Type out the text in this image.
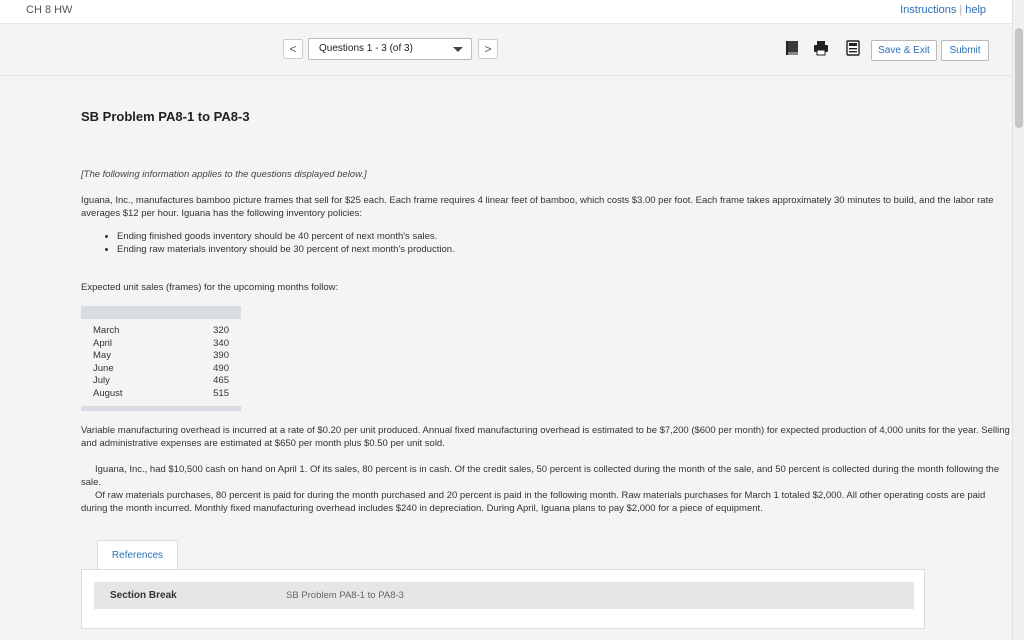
CH 8 HW	Instructions | help
<	Questions 1 - 3 (of 3)	>	Save & Exit	Submit
SB Problem PA8-1 to PA8-3
[The following information applies to the questions displayed below.]
Iguana, Inc., manufactures bamboo picture frames that sell for $25 each. Each frame requires 4 linear feet of bamboo, which costs $3.00 per foot. Each frame takes approximately 30 minutes to build, and the labor rate averages $12 per hour. Iguana has the following inventory policies:
• Ending finished goods inventory should be 40 percent of next month's sales.
• Ending raw materials inventory should be 30 percent of next month's production.
Expected unit sales (frames) for the upcoming months follow:

March	320
April	340
May	390
June	490
July	465
August	515

Variable manufacturing overhead is incurred at a rate of $0.20 per unit produced. Annual fixed manufacturing overhead is estimated to be $7,200 ($600 per month) for expected production of 4,000 units for the year. Selling and administrative expenses are estimated at $650 per month plus $0.50 per unit sold.
Iguana, Inc., had $10,500 cash on hand on April 1. Of its sales, 80 percent is in cash. Of the credit sales, 50 percent is collected during the month of the sale, and 50 percent is collected during the month following the sale.
Of raw materials purchases, 80 percent is paid for during the month purchased and 20 percent is paid in the following month. Raw materials purchases for March 1 totaled $2,000. All other operating costs are paid during the month incurred. Monthly fixed manufacturing overhead includes $240 in depreciation. During April, Iguana plans to pay $2,000 for a piece of equipment.
References
Section Break	SB Problem PA8-1 to PA8-3
